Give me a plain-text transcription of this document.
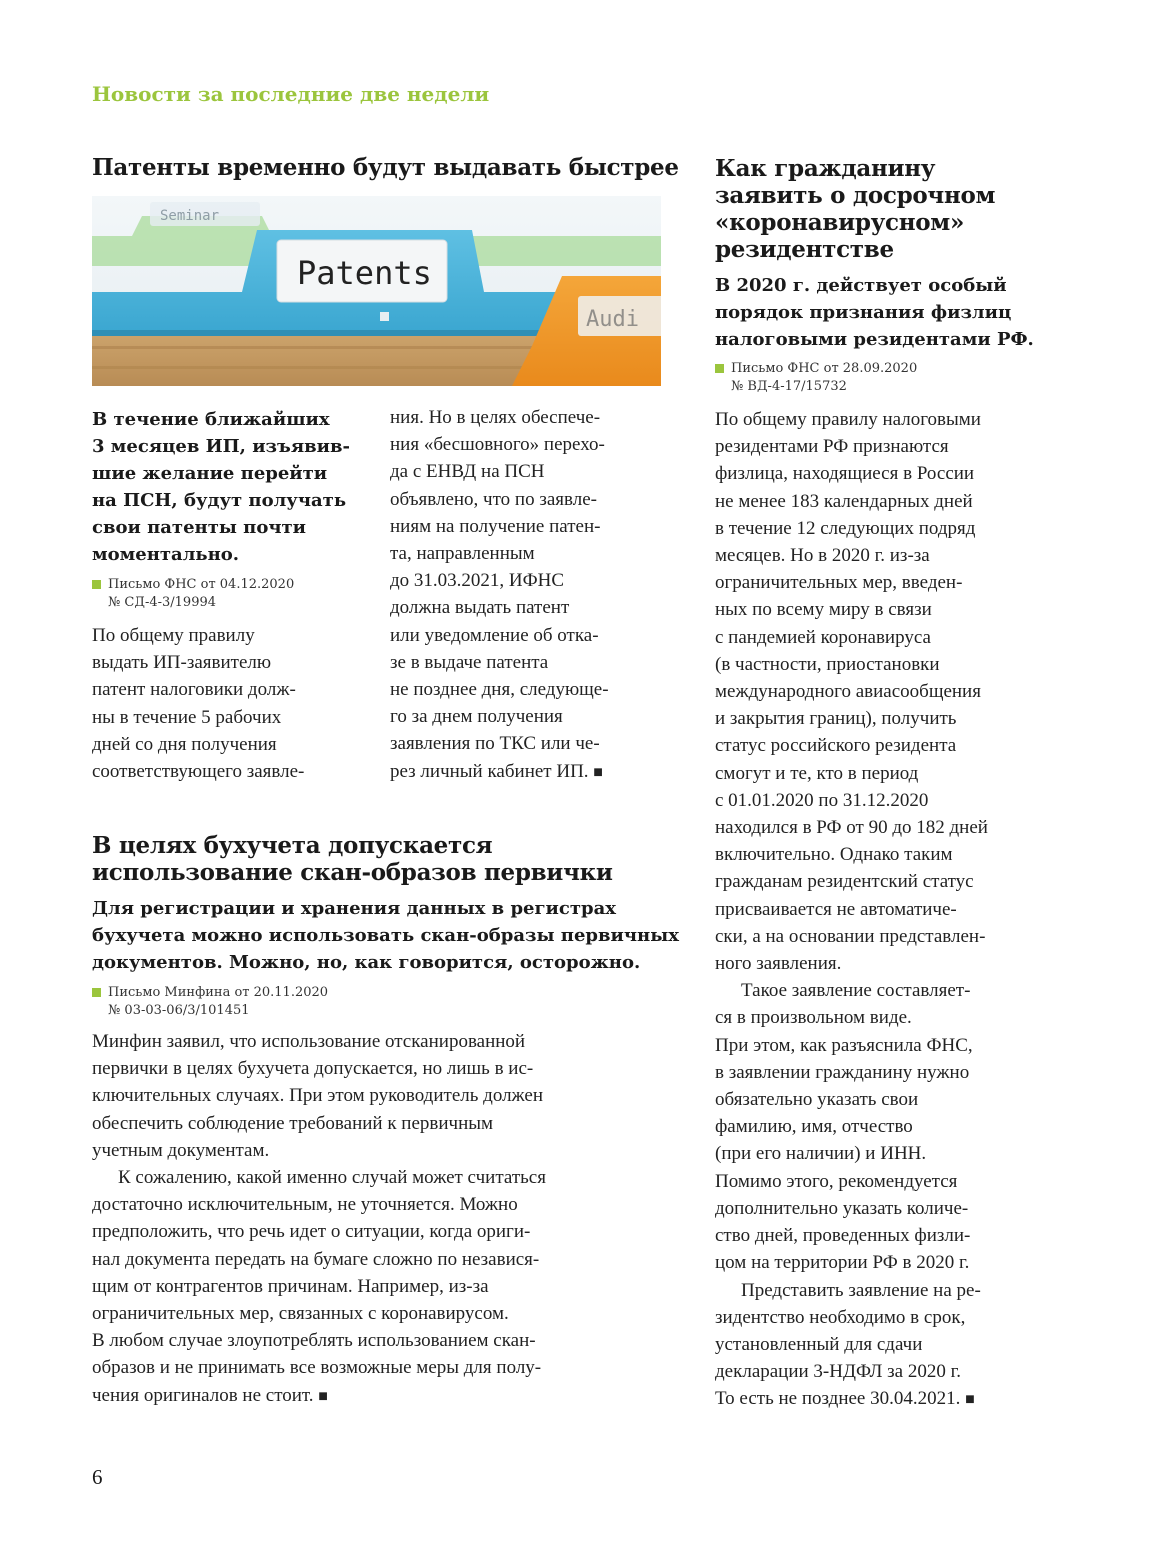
Новости за последние две недели
Патенты временно будут выдавать быстрее
Seminar
Patents
Audi
В течение ближайших
3 месяцев ИП, изъявив-
шие желание перейти
на ПСН, будут получать
свои патенты почти
моментально.
Письмо ФНС от 04.12.2020
№ СД-4-3/19994
По общему правилу
выдать ИП-заявителю
патент налоговики долж-
ны в течение 5 рабочих
дней со дня получения
соответствующего заявле-
ния. Но в целях обеспече-
ния «бесшовного» перехо-
да с ЕНВД на ПСН
объявлено, что по заявле-
ниям на получение патен-
та, направленным
до 31.03.2021, ИФНС
должна выдать патент
или уведомление об отка-
зе в выдаче патента
не позднее дня, следующе-
го за днем получения
заявления по ТКС или че-
рез личный кабинет ИП. ■
В целях бухучета допускается
использование скан-образов первички
Для регистрации и хранения данных в регистрах
бухучета можно использовать скан-образы первичных
документов. Можно, но, как говорится, осторожно.
Письмо Минфина от 20.11.2020
№ 03-03-06/3/101451
Минфин заявил, что использование отсканированной
первички в целях бухучета допускается, но лишь в ис-
ключительных случаях. При этом руководитель должен
обеспечить соблюдение требований к первичным
учетным документам.
К сожалению, какой именно случай может считаться
достаточно исключительным, не уточняется. Можно
предположить, что речь идет о ситуации, когда ориги-
нал документа передать на бумаге сложно по независя-
щим от контрагентов причинам. Например, из-за
ограничительных мер, связанных с коронавирусом.
В любом случае злоупотреблять использованием скан-
образов и не принимать все возможные меры для полу-
чения оригиналов не стоит. ■
Как гражданину
заявить о досрочном
«коронавирусном»
резидентстве
В 2020 г. действует особый
порядок признания физлиц
налоговыми резидентами РФ.
Письмо ФНС от 28.09.2020
№ ВД-4-17/15732
По общему правилу налоговыми
резидентами РФ признаются
физлица, находящиеся в России
не менее 183 календарных дней
в течение 12 следующих подряд
месяцев. Но в 2020 г. из-за
ограничительных мер, введен-
ных по всему миру в связи
с пандемией коронавируса
(в частности, приостановки
международного авиасообщения
и закрытия границ), получить
статус российского резидента
смогут и те, кто в период
с 01.01.2020 по 31.12.2020
находился в РФ от 90 до 182 дней
включительно. Однако таким
гражданам резидентский статус
присваивается не автоматиче-
ски, а на основании представлен-
ного заявления.
Такое заявление составляет-
ся в произвольном виде.
При этом, как разъяснила ФНС,
в заявлении гражданину нужно
обязательно указать свои
фамилию, имя, отчество
(при его наличии) и ИНН.
Помимо этого, рекомендуется
дополнительно указать количе-
ство дней, проведенных физли-
цом на территории РФ в 2020 г.
Представить заявление на ре-
зидентство необходимо в срок,
установленный для сдачи
декларации 3-НДФЛ за 2020 г.
То есть не позднее 30.04.2021. ■
6
